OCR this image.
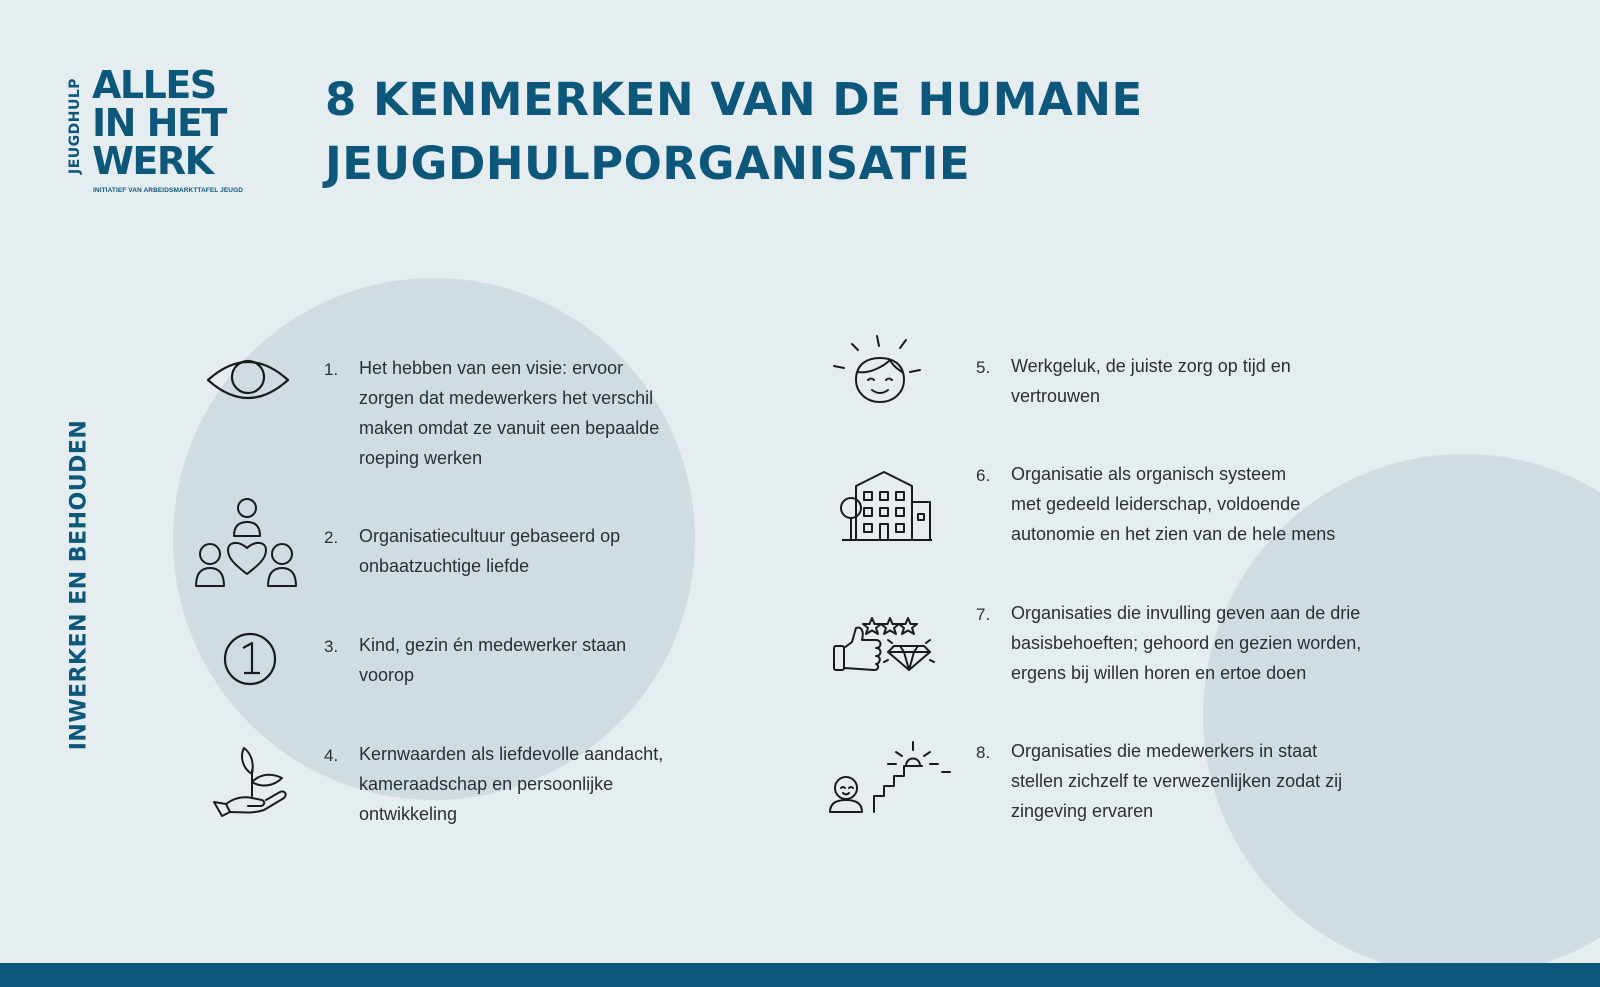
JEUGDHULP ALLES
IN HET
WERK
INITIATIEF VAN ARBEIDSMARKTTAFEL JEUGD
8 KENMERKEN VAN DE HUMANE
JEUGDHULPORGANISATIE
INWERKEN EN BEHOUDEN
1. Het hebben van een visie: ervoor
zorgen dat medewerkers het verschil
maken omdat ze vanuit een bepaalde
roeping werken
2. Organisatiecultuur gebaseerd op
onbaatzuchtige liefde
3. Kind, gezin én medewerker staan
voorop
4. Kernwaarden als liefdevolle aandacht,
kameraadschap en persoonlijke
ontwikkeling
5. Werkgeluk, de juiste zorg op tijd en
vertrouwen
6. Organisatie als organisch systeem
met gedeeld leiderschap, voldoende
autonomie en het zien van de hele mens
7. Organisaties die invulling geven aan de drie
basisbehoeften; gehoord en gezien worden,
ergens bij willen horen en ertoe doen
8. Organisaties die medewerkers in staat
stellen zichzelf te verwezenlijken zodat zij
zingeving ervaren
